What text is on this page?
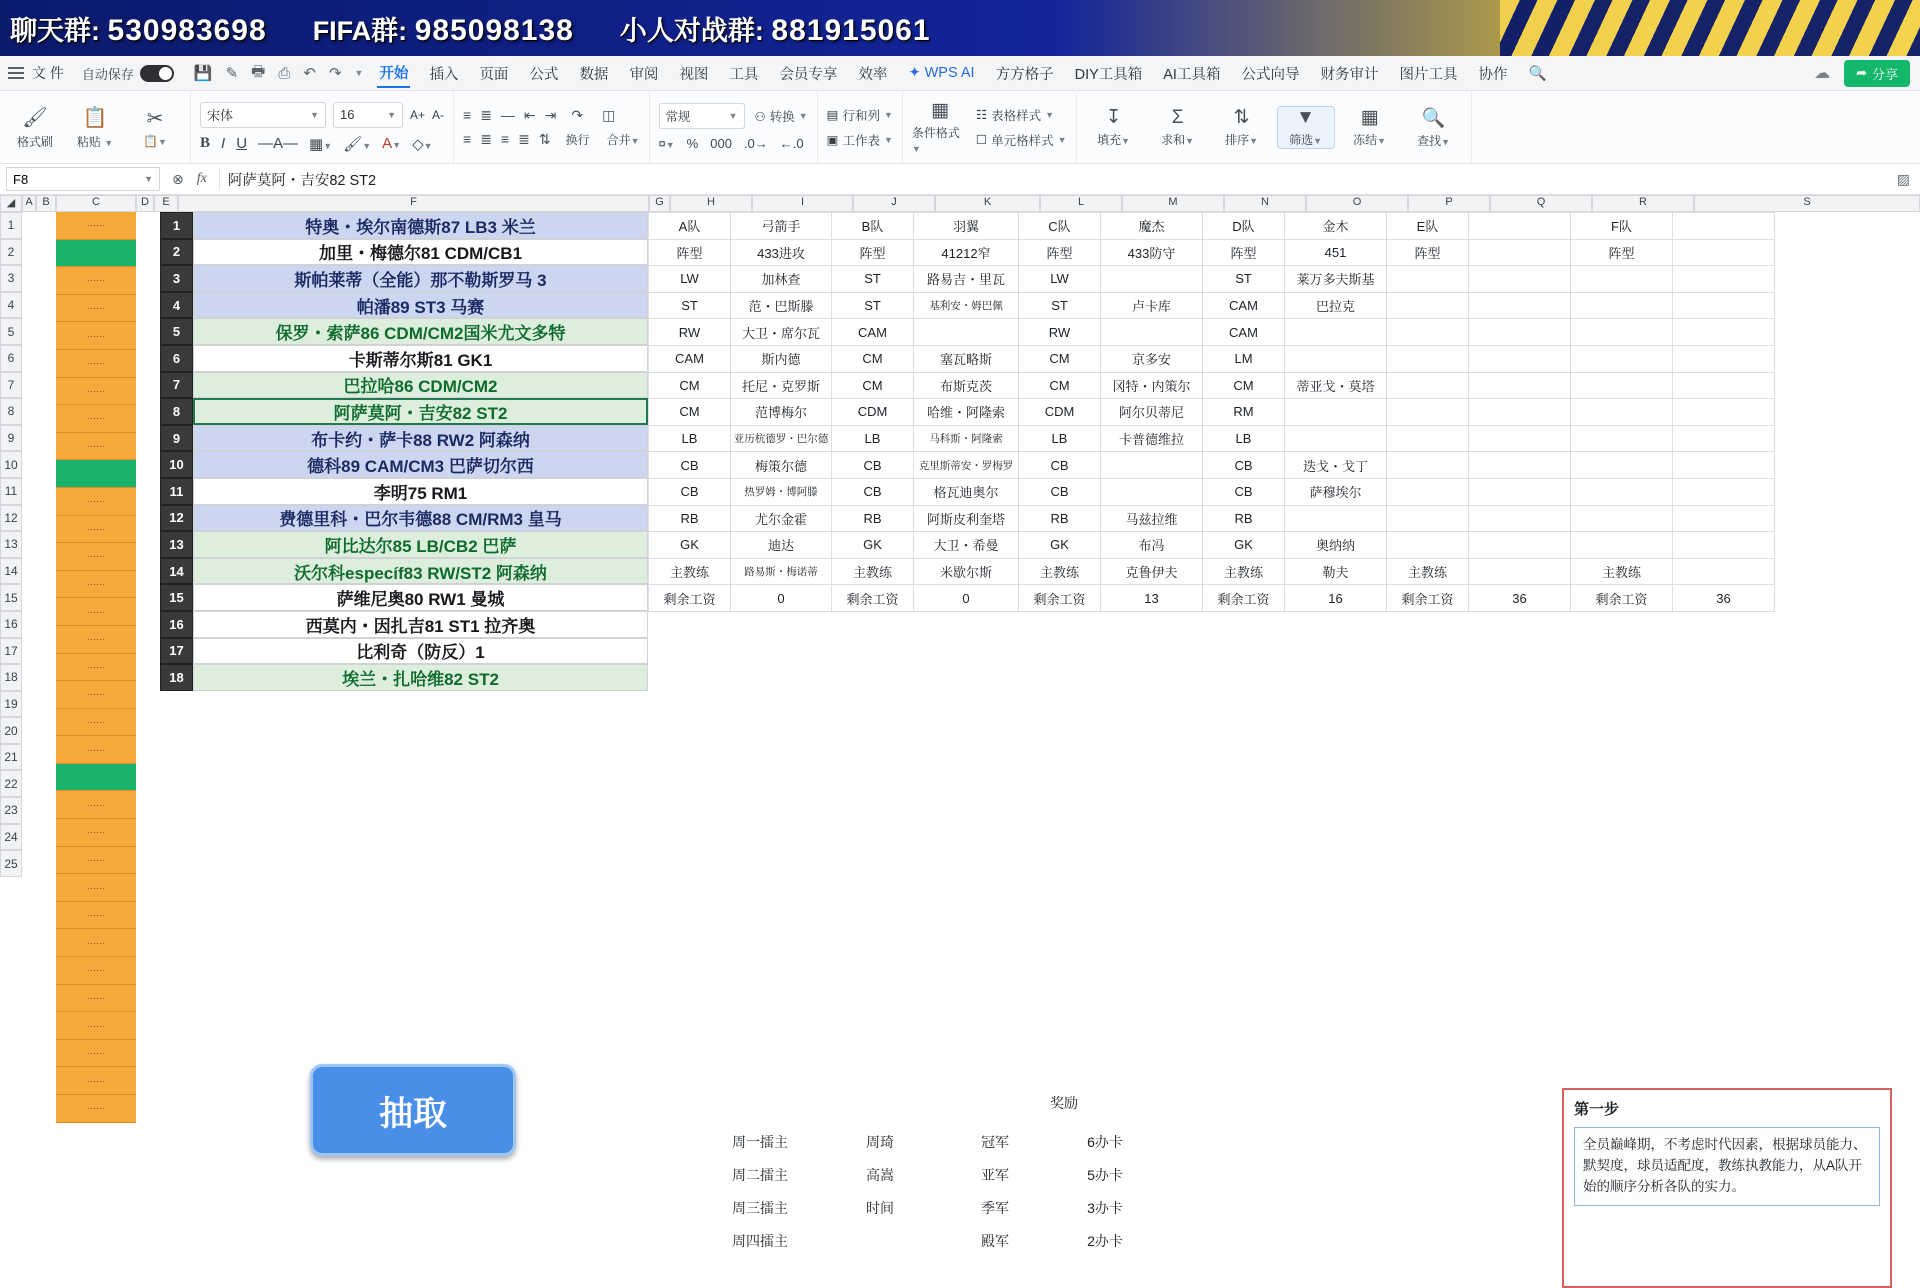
聊天群: 530983698 FIFA群: 985098138 小人对战群: 881915061
文 件 自动保存	💾 ✎ 🖶 ⎙ ↶ ↷ ▼ 开始 插入 页面 公式 数据 审阅 视图 工具 会员专享 效率 ✦ WPS AI 方方格子 DIY工具箱 AI工具箱 公式向导 财务审计 图片工具 协作 🔍	☁ ➦ 分享
🖌
格式刷
📋
粘贴 ▼
✂
📋▼
宋体	▼ 16	▼ A+ A-
B I U —A— ▦▼ 🖌▼ A▼ ◇▼
≡ ≣ — ⇤ ⇥ ↷ ◫
≡ ≣ ≡ ≣ ⇅ 换行 合并▼
常规	▼ ⚇ 转换 ▼
¤▼ % 000 .0→ ←.0
▤ 行和列 ▼
▣ 工作表 ▼
▦
条件格式▼
☷ 表格样式 ▼
☐ 单元格样式 ▼
↧
填充▼
Σ
求和▼
⇅
排序▼
▼
筛选▼
▦
冻结▼
🔍
查找▼
F8	▼ ⊗ fx	阿萨莫阿・吉安82 ST2	▨
◢ A B	C	D	E	F	G	H	I	J	K	L	M	N	O	P	Q	R	S
······
······
······
······
······
······
······
······
······
······
······
······
······
······
······
······
······
······
······
······
······
······
······
······
······
······
······
······
······
······
1
2
3
4
5
6
7
8
9
10
11
12
13
14
15
16
17
18
19
20
21
22
23
24
25
1
2
3
4
5
6
7
8
9
10
11
12
13
14
15
16
17
18
特奥・埃尔南德斯87 LB3 米兰
加里・梅德尔81 CDM/CB1
斯帕莱蒂（全能）那不勒斯罗马 3
帕潘89 ST3 马赛
保罗・索萨86 CDM/CM2国米尤文多特
卡斯蒂尔斯81 GK1
巴拉哈86 CDM/CM2
阿萨莫阿・吉安82 ST2
布卡约・萨卡88 RW2 阿森纳
德科89 CAM/CM3 巴萨切尔西
李明75 RM1
费德里科・巴尔韦德88 CM/RM3 皇马
阿比达尔85 LB/CB2 巴萨
沃尔科específ83 RW/ST2 阿森纳
萨维尼奥80 RW1 曼城
西莫内・因扎吉81 ST1 拉齐奥
比利奇（防反）1
埃兰・扎哈维82 ST2
A队	弓箭手	B队	羽翼	C队	魔杰	D队	金木	E队		F队	
阵型	433进攻	阵型	41212窄	阵型	433防守	阵型	451	阵型		阵型	
LW	加林查	ST	路易吉・里瓦	LW		ST	莱万多夫斯基				
ST	范・巴斯滕	ST	基利安・姆巴佩	ST	卢卡库	CAM	巴拉克				
RW	大卫・席尔瓦	CAM		RW		CAM					
CAM	斯内德	CM	塞瓦略斯	CM	京多安	LM					
CM	托尼・克罗斯	CM	布斯克茨	CM	冈特・内策尔	CM	蒂亚戈・莫塔				
CM	范博梅尔	CDM	哈维・阿隆索	CDM	阿尔贝蒂尼	RM					
LB	亚历杭德罗・巴尔德	LB	马科斯・阿隆索	LB	卡普德维拉	LB					
CB	梅策尔德	CB	克里斯蒂安・罗梅罗	CB		CB	迭戈・戈丁				
CB	热罗姆・博阿滕	CB	格瓦迪奥尔	CB		CB	萨穆埃尔				
RB	尤尔金霍	RB	阿斯皮利奎塔	RB	马兹拉维	RB					
GK	迪达	GK	大卫・希曼	GK	布冯	GK	奥纳纳				
主教练	路易斯・梅诺蒂	主教练	米歇尔斯	主教练	克鲁伊夫	主教练	勒夫	主教练		主教练	
剩余工资	0	剩余工资	0	剩余工资	13	剩余工资	16	剩余工资	36	剩余工资	36
抽取	奖励
周一擂主	周琦	冠军	6办卡
周二擂主	高嵩	亚军	5办卡
周三擂主	时间	季军	3办卡
周四擂主	殿军	2办卡
第一步
全员巅峰期，不考虑时代因素，根据球员能力、默契度，球员适配度，教练执教能力，从A队开始的顺序分析各队的实力。
